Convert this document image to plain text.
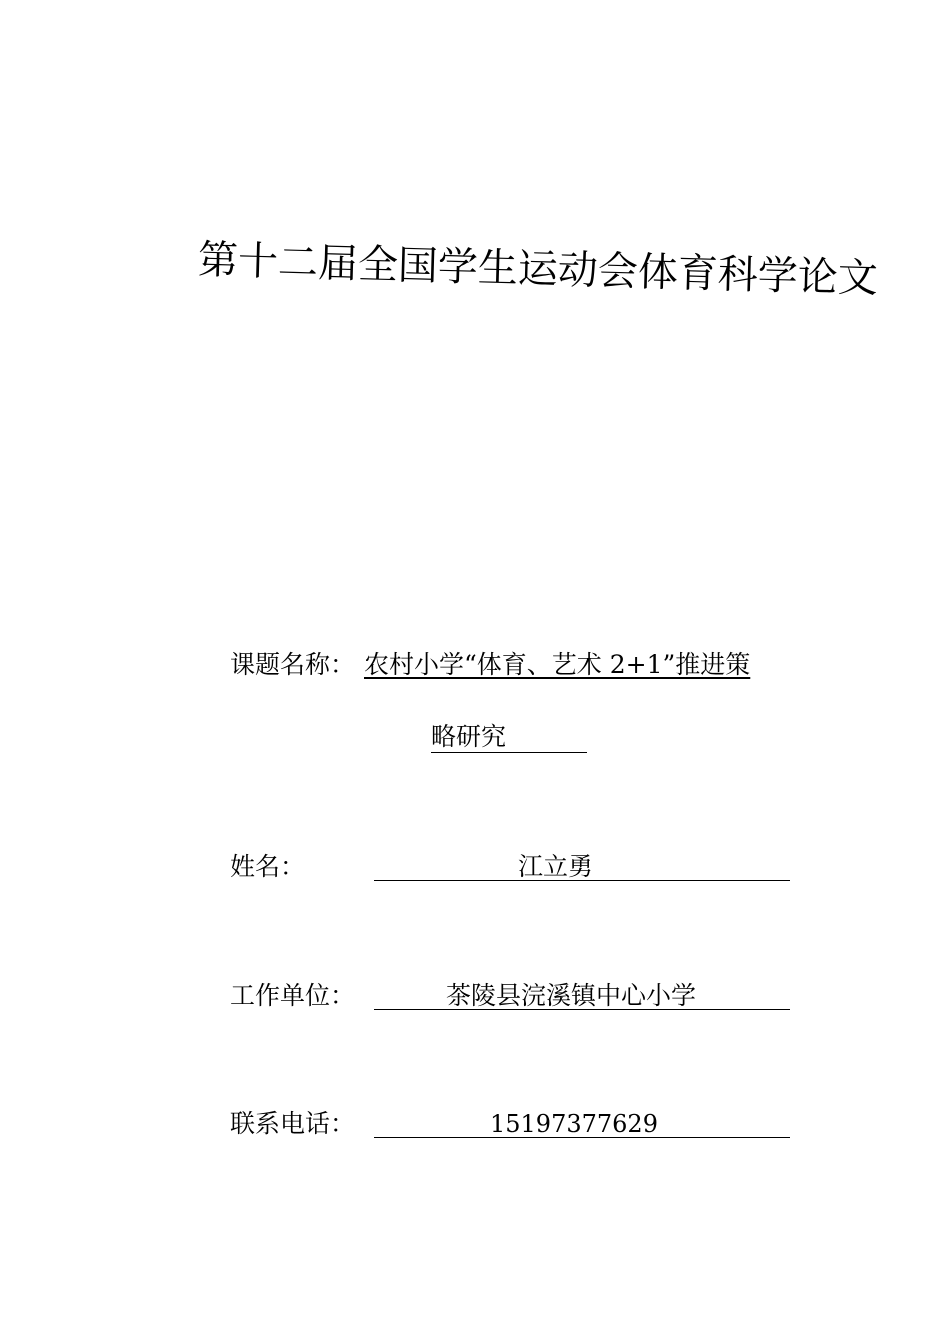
第十二届全国学生运动会体育科学论文
课题名称： 农村小学“体育、艺术 2+1”推进策
略研究
姓名：	江立勇
工作单位：	茶陵县浣溪镇中心小学
联系电话：	15197377629
